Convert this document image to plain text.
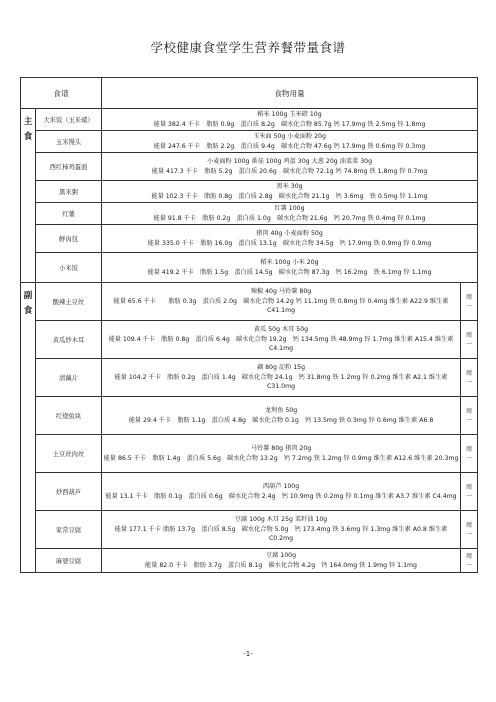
学校健康食堂学生营养餐带量食谱
食谱		食物用量	

主
食	大米饭（玉米碴）	稻米 100g 玉米碴 10g
能量 382.4 千卡　脂肪 0.9g　蛋白质 8.2g　碳水化合物 85.7g 钙 17.9mg 铁 2.5mg 锌 1.8mg	

	玉米馒头	玉米面 50g 小麦面粉 20g
能量 247.6 千卡　脂肪 2.2g　蛋白质 9.4g　碳水化合物 47.6g 钙 17.9mg 铁 0.6mg 锌 0.3mg	

	西红柿鸡蛋面	小麦面粉 100g 番茄 100g 鸡蛋 30g 大葱 20g 油菜菜 30g
能量 417.3 千卡　脂肪 5.2g　蛋白质 20.6g　碳水化合物 72.1g 钙 74.8mg 铁 1.8mg 锌 0.7mg	

	黑米粥	黑米 30g
能量 102.3 千卡　脂肪 0.8g　蛋白质 2.8g　碳水化合物 21.1g　钙 3.6mg　铁 0.5mg 锌 1.1mg	

	红薯	红薯 100g
能量 91.8 千卡　脂肪 0.2g　蛋白质 1.0g　碳水化合物 21.6g　钙 20.7mg 铁 0.4mg 锌 0.1mg	

	鲜肉包	猪肉 40g 小麦面粉 50g
能量 335.0 千卡　脂肪 16.0g　蛋白质 13.1g　碳水化合物 34.5g　钙 17.9mg 铁 0.9mg 锌 0.9mg	

	小米饭	稻米 100g 小米 20g
能量 419.2 千卡　脂肪 1.5g　蛋白质 14.5g　碳水化合物 87.3g　钙 16.2mg　铁 6.1mg 锌 1.1mg	

副
食	酸辣土豆丝	辣椒 40g 马铃薯 80g
能量 65.6 千卡　　脂肪 0.3g　蛋白质 2.0g　碳水化合物 14.2g 钙 11.1mg 铁 0.8mg 锌 0.4mg 维生素 A22.9 维生素 C41.1mg	周
一

	黄瓜炒木耳	黄瓜 50g 木耳 50g
能量 109.4 千卡　脂肪 0.8g　蛋白质 6.4g　碳水化合物 19.2g　钙 134.5mg 铁 48.9mg 锌 1.7mg 维生素 A15.4 维生素 C4.1mg	周
一

	清藕片	藕 80g 淀粉 15g
能量 104.2 千卡　脂肪 0.2g　蛋白质 1.4g　碳水化合物 24.1g　钙 31.8mg 铁 1.2mg 锌 0.2mg 维生素 A2.1 维生素 C31.0mg	周
一

	红烧鱼块	龙利鱼 50g
能量 29.4 千卡　脂肪 1.1g　蛋白质 4.8g　碳水化合物 0.1g　钙 13.5mg 铁 0.3mg 锌 0.6mg 维生素 A6.8	周
一

	土豆丝肉丝	马铃薯 80g 猪肉 20g
能量 86.5 千卡　脂肪 1.4g　蛋白质 5.6g　碳水化合物 13.2g　钙 7.2mg 铁 1.2mg 锌 0.9mg 维生素 A12.6 维生素 20.3mg	周
一

	炒西葫芦	西葫芦 100g
能量 13.1 千卡　脂肪 0.1g　蛋白质 0.6g　碳水化合物 2.4g　钙 10.9mg 铁 0.2mg 锌 0.1mg 维生素 A3.7 维生素 C4.4mg	周
一

	家常豆腐	豆腐 100g 木耳 25g 菜籽油 10g
能量 177.1 千卡 脂肪 13.7g　蛋白质 8.5g　碳水化合物 5.0g　钙 173.4mg 铁 3.6mg 锌 1.3mg 维生素 A0.8 维生素 C0.2mg	周
一

	麻婆豆腐	豆腐 100g
能量 82.0 千卡　脂肪 3.7g　蛋白质 8.1g　碳水化合物 4.2g　钙 164.0mg 铁 1.9mg 锌 1.1mg	周
一
-1-
